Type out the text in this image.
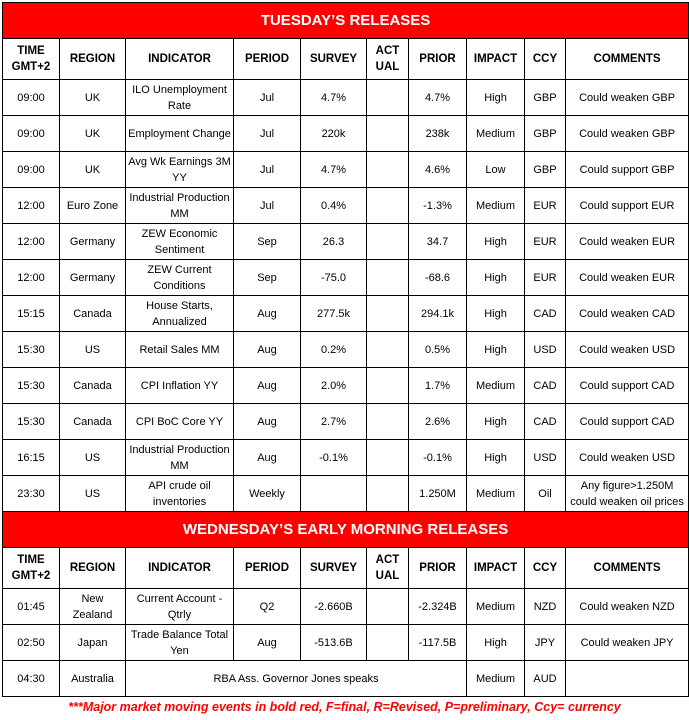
TUESDAY’S RELEASES									
TIME GMT+2	REGION	INDICATOR	PERIOD	SURVEY	ACT UAL	PRIOR	IMPACT	CCY	COMMENTS
09:00	UK	ILO Unemployment Rate	Jul	4.7%		4.7%	High	GBP	Could weaken GBP
09:00	UK	Employment Change	Jul	220k		238k	Medium	GBP	Could weaken GBP
09:00	UK	Avg Wk Earnings 3M YY	Jul	4.7%		4.6%	Low	GBP	Could support GBP
12:00	Euro Zone	Industrial Production MM	Jul	0.4%		-1.3%	Medium	EUR	Could support EUR
12:00	Germany	ZEW Economic Sentiment	Sep	26.3		34.7	High	EUR	Could weaken EUR
12:00	Germany	ZEW Current Conditions	Sep	-75.0		-68.6	High	EUR	Could weaken EUR
15:15	Canada	House Starts, Annualized	Aug	277.5k		294.1k	High	CAD	Could weaken CAD
15:30	US	Retail Sales MM	Aug	0.2%		0.5%	High	USD	Could weaken USD
15:30	Canada	CPI Inflation YY	Aug	2.0%		1.7%	Medium	CAD	Could support CAD
15:30	Canada	CPI BoC Core YY	Aug	2.7%		2.6%	High	CAD	Could support CAD
16:15	US	Industrial Production MM	Aug	-0.1%		-0.1%	High	USD	Could weaken USD
23:30	US	API crude oil inventories	Weekly			1.250M	Medium	Oil	Any figure>1.250M could weaken oil prices
WEDNESDAY’S EARLY MORNING RELEASES									
TIME GMT+2	REGION	INDICATOR	PERIOD	SURVEY	ACT UAL	PRIOR	IMPACT	CCY	COMMENTS
01:45	New Zealand	Current Account - Qtrly	Q2	-2.660B		-2.324B	Medium	NZD	Could weaken NZD
02:50	Japan	Trade Balance Total Yen	Aug	-513.6B		-117.5B	High	JPY	Could weaken JPY
04:30	Australia	RBA Ass. Governor Jones speaks					Medium	AUD	
***Major market moving events in bold red, F=final, R=Revised, P=preliminary, Ccy= currency
